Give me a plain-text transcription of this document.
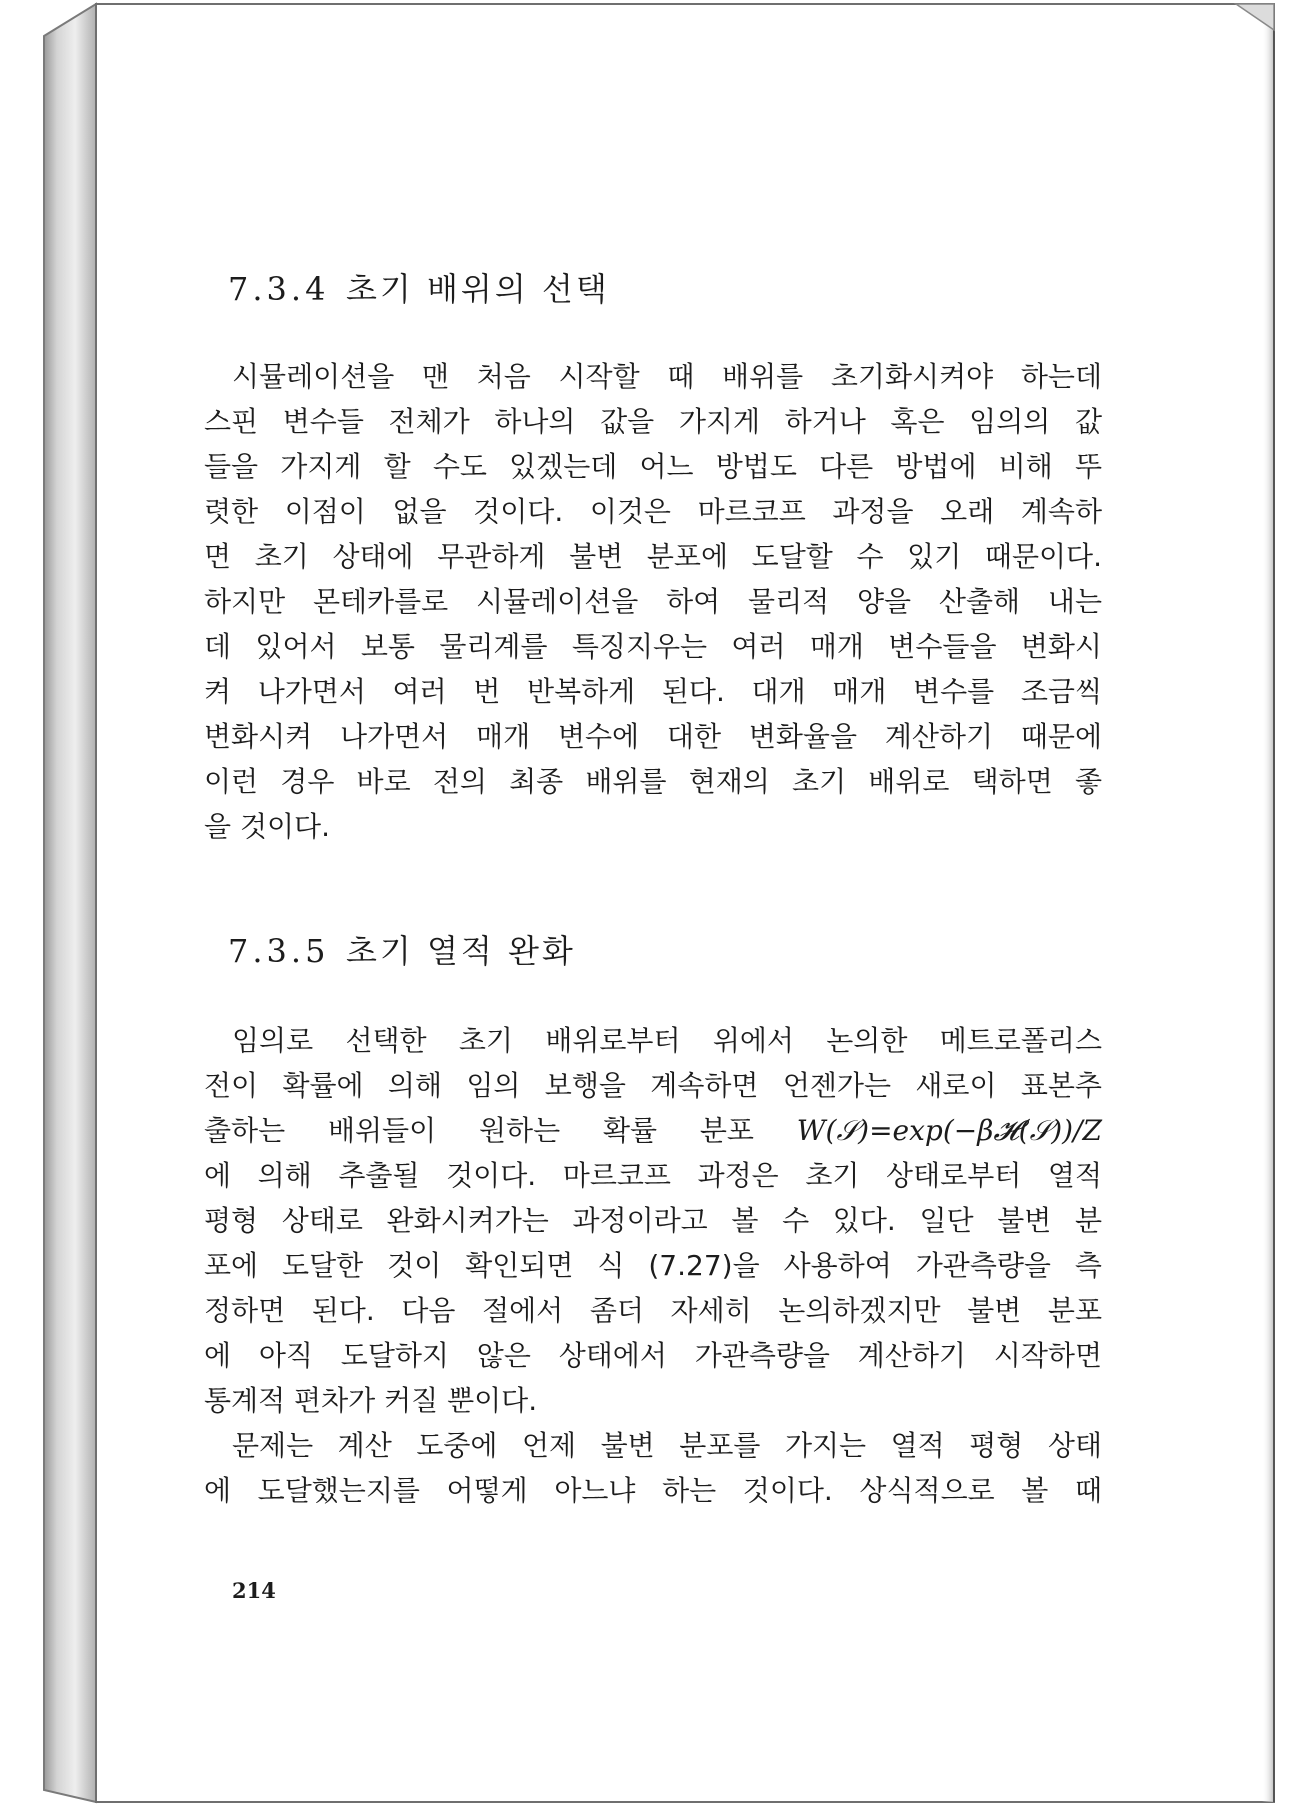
7.3.4 초기 배위의 선택
시뮬레이션을 맨 처음 시작할 때 배위를 초기화시켜야 하는데
스핀 변수들 전체가 하나의 값을 가지게 하거나 혹은 임의의 값
들을 가지게 할 수도 있겠는데 어느 방법도 다른 방법에 비해 뚜
렷한 이점이 없을 것이다. 이것은 마르코프 과정을 오래 계속하
면 초기 상태에 무관하게 불변 분포에 도달할 수 있기 때문이다.
하지만 몬테카를로 시뮬레이션을 하여 물리적 양을 산출해 내는
데 있어서 보통 물리계를 특징지우는 여러 매개 변수들을 변화시
켜 나가면서 여러 번 반복하게 된다. 대개 매개 변수를 조금씩
변화시켜 나가면서 매개 변수에 대한 변화율을 계산하기 때문에
이런 경우 바로 전의 최종 배위를 현재의 초기 배위로 택하면 좋
을 것이다.
7.3.5 초기 열적 완화
임의로 선택한 초기 배위로부터 위에서 논의한 메트로폴리스
전이 확률에 의해 임의 보행을 계속하면 언젠가는 새로이 표본추
출하는 배위들이 원하는 확률 분포 W(𝒮)=exp(−β𝓗(𝒮))/Z
에 의해 추출될 것이다. 마르코프 과정은 초기 상태로부터 열적
평형 상태로 완화시켜가는 과정이라고 볼 수 있다. 일단 불변 분
포에 도달한 것이 확인되면 식 (7.27)을 사용하여 가관측량을 측
정하면 된다. 다음 절에서 좀더 자세히 논의하겠지만 불변 분포
에 아직 도달하지 않은 상태에서 가관측량을 계산하기 시작하면
통계적 편차가 커질 뿐이다.
문제는 계산 도중에 언제 불변 분포를 가지는 열적 평형 상태
에 도달했는지를 어떻게 아느냐 하는 것이다. 상식적으로 볼 때
214
